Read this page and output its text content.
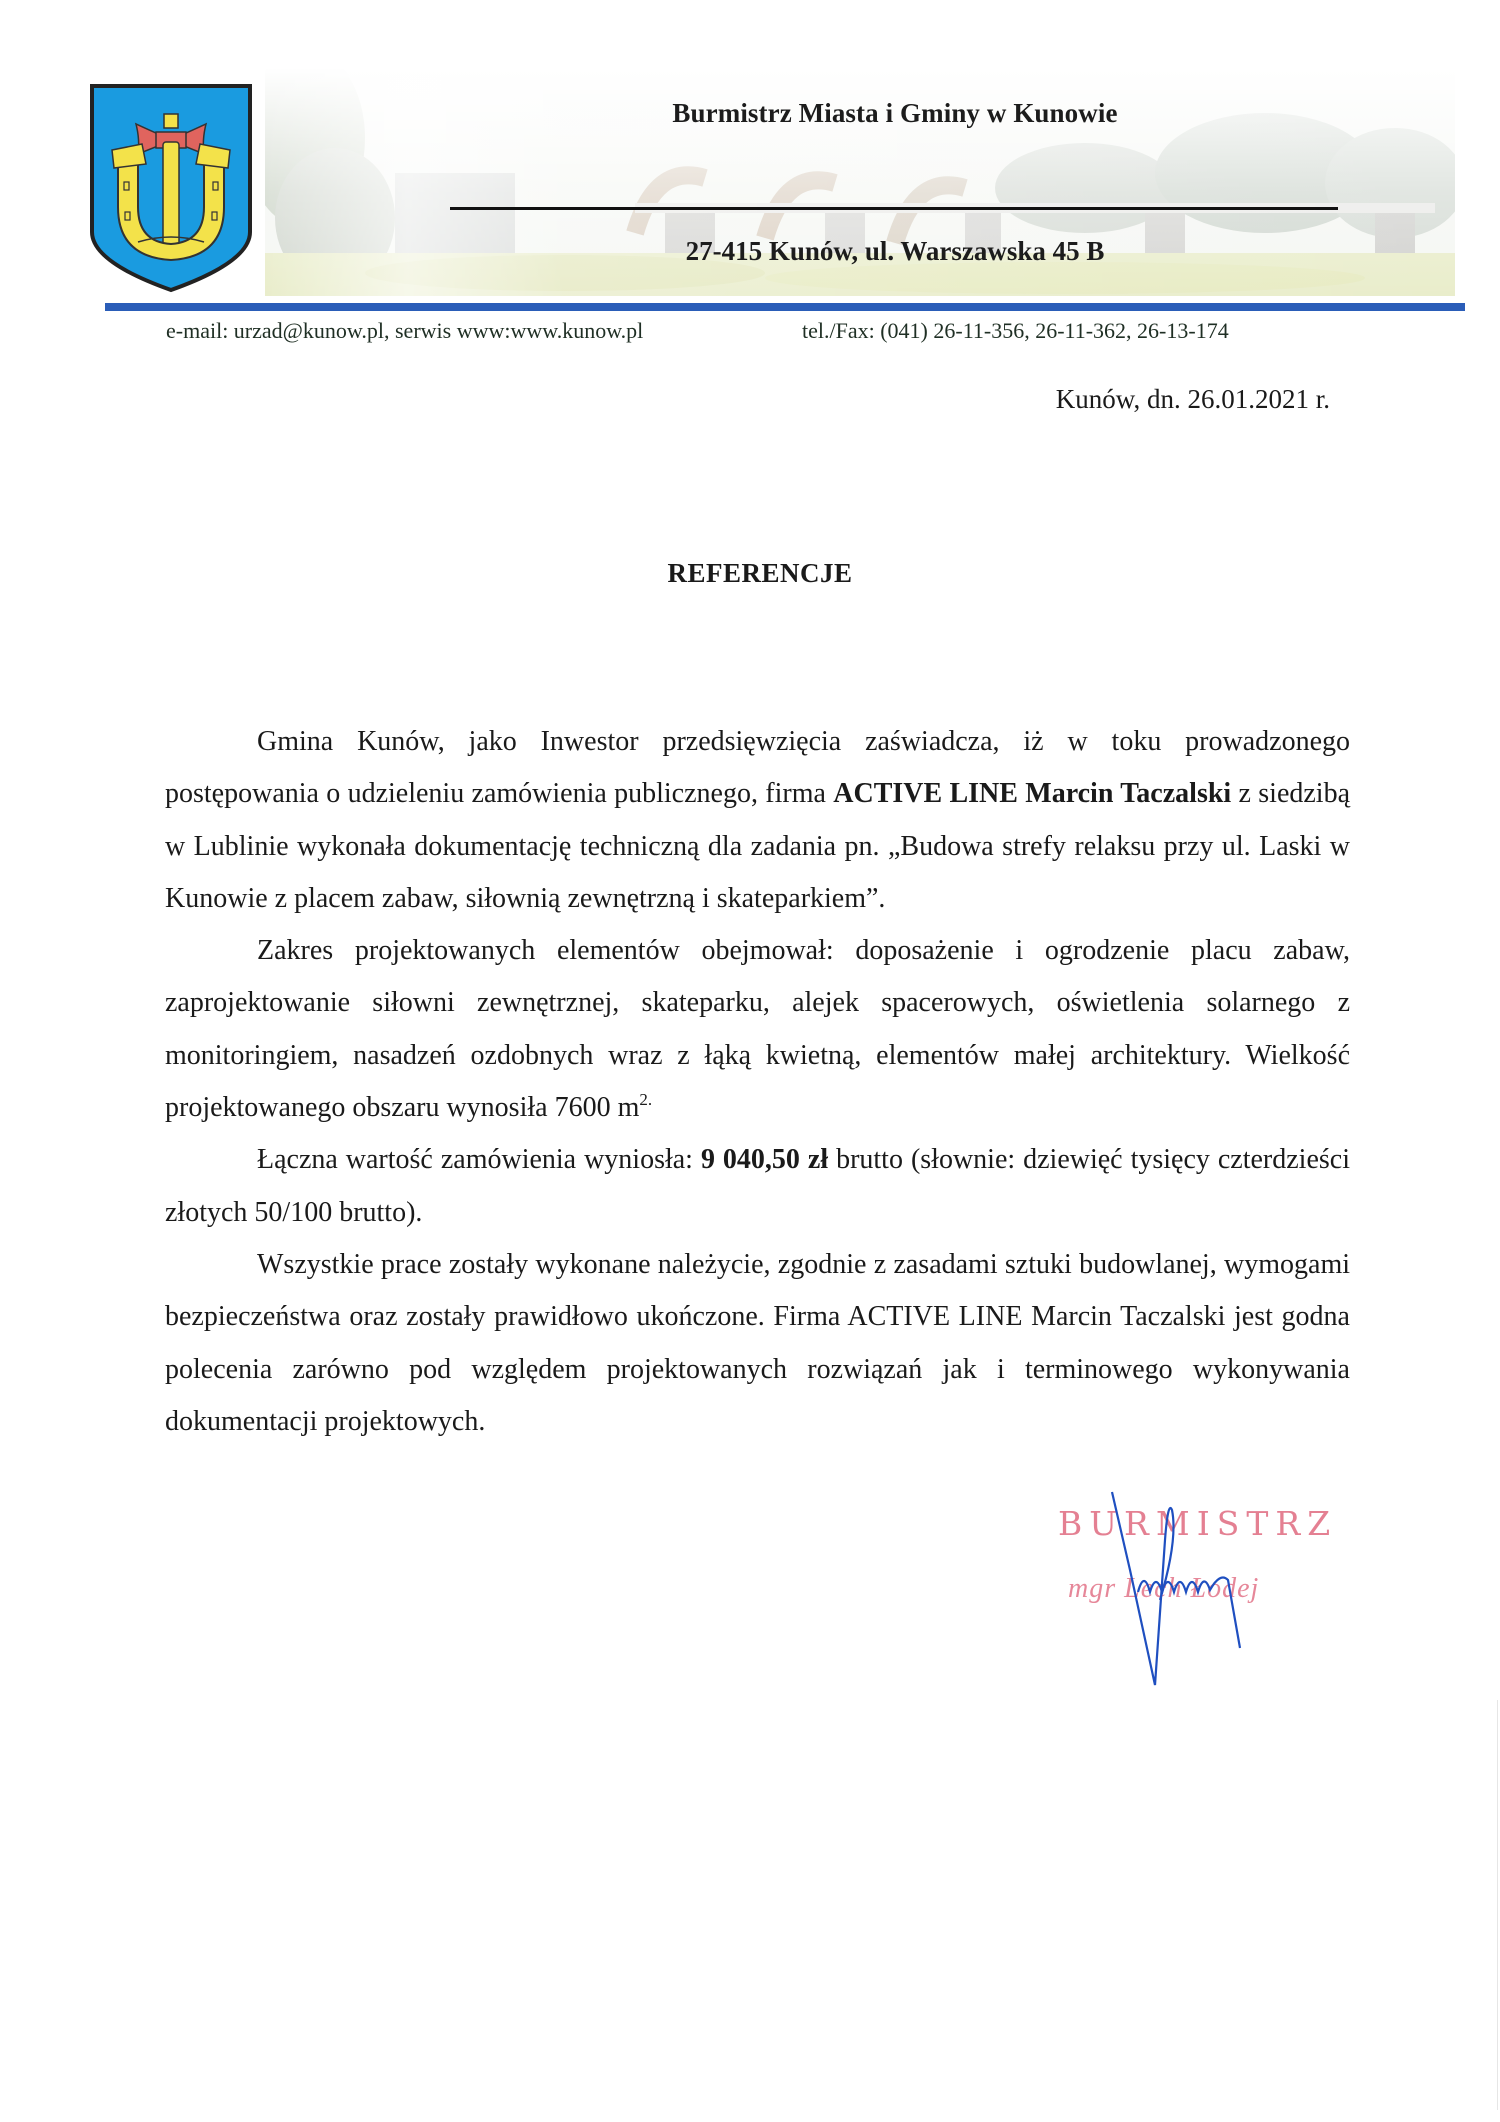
Burmistrz Miasta i Gminy w Kunowie
27-415 Kunów, ul. Warszawska 45 B
e-mail: urzad@kunow.pl, serwis www:www.kunow.pl	tel./Fax: (041) 26-11-356, 26-11-362, 26-13-174
Kunów, dn. 26.01.2021 r.
REFERENCJE

Gmina Kunów, jako Inwestor przedsięwzięcia zaświadcza, iż w toku prowadzonego postępowania o udzieleniu zamówienia publicznego, firma ACTIVE LINE Marcin Taczalski z siedzibą w Lublinie wykonała dokumentację techniczną dla zadania pn. „Budowa strefy relaksu przy ul. Laski w Kunowie z placem zabaw, siłownią zewnętrzną i skateparkiem”.

Zakres projektowanych elementów obejmował: doposażenie i ogrodzenie placu zabaw, zaprojektowanie siłowni zewnętrznej, skateparku, alejek spacerowych, oświetlenia solarnego z monitoringiem, nasadzeń ozdobnych wraz z łąką kwietną, elementów małej architektury. Wielkość projektowanego obszaru wynosiła 7600 $m^{2.}$

Łączna wartość zamówienia wyniosła: 9 040,50 zł brutto (słownie: dziewięć tysięcy czterdzieści złotych 50/100 brutto).

Wszystkie prace zostały wykonane należycie, zgodnie z zasadami sztuki budowlanej, wymogami bezpieczeństwa oraz zostały prawidłowo ukończone. Firma ACTIVE LINE Marcin Taczalski jest godna polecenia zarówno pod względem projektowanych rozwiązań jak i terminowego wykonywania dokumentacji projektowych.

BURMISTRZ
mgr Lech Łodej
